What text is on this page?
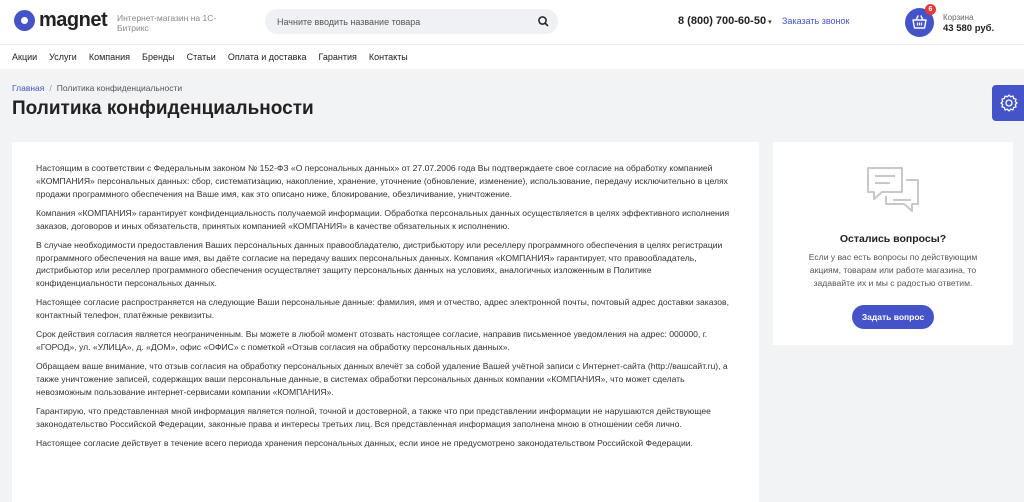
magnet Интернет-магазин на 1С-Битрикс
Начните вводить название товара
8 (800) 700-60-50 ▾ Заказать звонок
6
Корзина
43 580 руб.
Акции	Услуги	Компания	Бренды	Статьи	Оплата и доставка	Гарантия	Контакты
Главная / Политика конфиденциальности
Политика конфиденциальности

Настоящим в соответствии с Федеральным законом № 152-ФЗ «О персональных данных» от 27.07.2006 года Вы подтверждаете свое согласие на обработку компанией «КОМПАНИЯ» персональных данных: сбор, систематизацию, накопление, хранение, уточнение (обновление, изменение), использование, передачу исключительно в целях продажи программного обеспечения на Ваше имя, как это описано ниже, блокирование, обезличивание, уничтожение.

Компания «КОМПАНИЯ» гарантирует конфиденциальность получаемой информации. Обработка персональных данных осуществляется в целях эффективного исполнения заказов, договоров и иных обязательств, принятых компанией «КОМПАНИЯ» в качестве обязательных к исполнению.

В случае необходимости предоставления Ваших персональных данных правообладателю, дистрибьютору или реселлеру программного обеспечения в целях регистрации программного обеспечения на ваше имя, вы даёте согласие на передачу ваших персональных данных. Компания «КОМПАНИЯ» гарантирует, что правообладатель, дистрибьютор или реселлер программного обеспечения осуществляет защиту персональных данных на условиях, аналогичных изложенным в Политике конфиденциальности персональных данных.

Настоящее согласие распространяется на следующие Ваши персональные данные: фамилия, имя и отчество, адрес электронной почты, почтовый адрес доставки заказов, контактный телефон, платёжные реквизиты.

Срок действия согласия является неограниченным. Вы можете в любой момент отозвать настоящее согласие, направив письменное уведомления на адрес: 000000, г. «ГОРОД», ул. «УЛИЦА», д. «ДОМ», офис «ОФИС» с пометкой «Отзыв согласия на обработку персональных данных».

Обращаем ваше внимание, что отзыв согласия на обработку персональных данных влечёт за собой удаление Вашей учётной записи с Интернет-сайта (http://вашсайт.ru), а также уничтожение записей, содержащих ваши персональные данные, в системах обработки персональных данных компании «КОМПАНИЯ», что может сделать невозможным пользование интернет-сервисами компании «КОМПАНИЯ».

Гарантирую, что представленная мной информация является полной, точной и достоверной, а также что при представлении информации не нарушаются действующее законодательство Российской Федерации, законные права и интересы третьих лиц. Вся представленная информация заполнена мною в отношении себя лично.

Настоящее согласие действует в течение всего периода хранения персональных данных, если иное не предусмотрено законодательством Российской Федерации.

Остались вопросы?
Если у вас есть вопросы по действующим акциям, товарам или работе магазина, то задавайте их и мы с радостью ответим.
Задать вопрос
